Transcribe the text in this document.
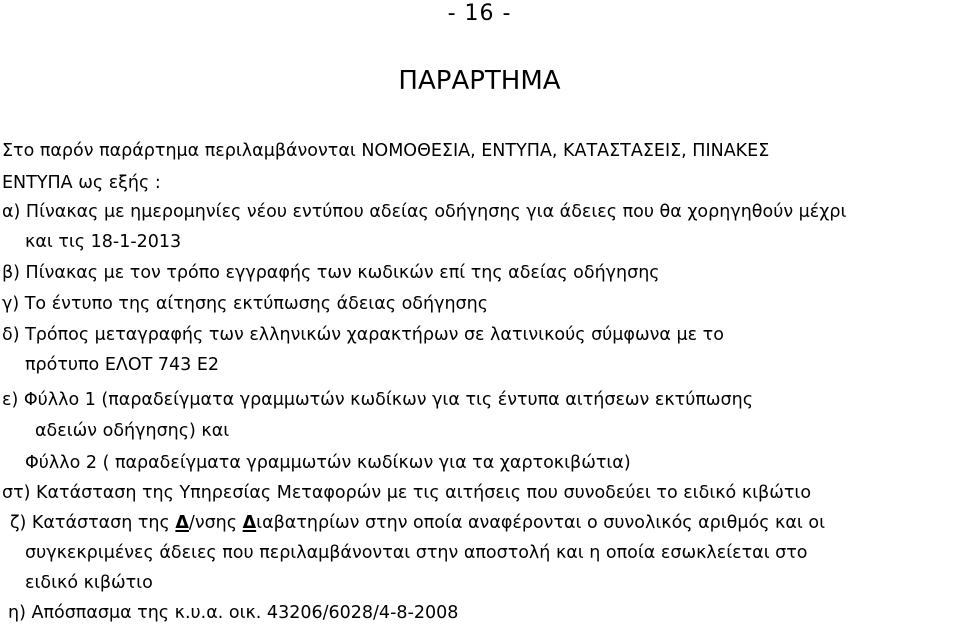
- 16 -
ΠΑΡΑΡΤΗΜΑ
Στο παρόν παράρτημα περιλαμβάνονται ΝΟΜΟΘΕΣΙΑ, ΕΝΤΥΠΑ, ΚΑΤΑΣΤΑΣΕΙΣ, ΠΙΝΑΚΕΣ
ΕΝΤΥΠΑ ως εξής :
α) Πίνακας με ημερομηνίες νέου εντύπου αδείας οδήγησης για άδειες που θα χορηγηθούν μέχρι
και τις 18-1-2013
β) Πίνακας με τον τρόπο εγγραφής των κωδικών επί της αδείας οδήγησης
γ) Το έντυπο της αίτησης εκτύπωσης άδειας οδήγησης
δ) Τρόπος μεταγραφής των ελληνικών χαρακτήρων σε λατινικούς σύμφωνα με το
πρότυπο ΕΛΟΤ 743 Ε2
ε) Φύλλο 1 (παραδείγματα γραμμωτών κωδίκων για τις έντυπα αιτήσεων εκτύπωσης
αδειών οδήγησης) και
Φύλλο 2 ( παραδείγματα γραμμωτών κωδίκων για τα χαρτοκιβώτια)
στ) Κατάσταση της Υπηρεσίας Μεταφορών με τις αιτήσεις που συνοδεύει το ειδικό κιβώτιο
ζ) Κατάσταση της Δ/νσης Διαβατηρίων στην οποία αναφέρονται ο συνολικός αριθμός και οι
συγκεκριμένες άδειες που περιλαμβάνονται στην αποστολή και η οποία εσωκλείεται στο
ειδικό κιβώτιο
η) Απόσπασμα της κ.υ.α. οικ. 43206/6028/4-8-2008
